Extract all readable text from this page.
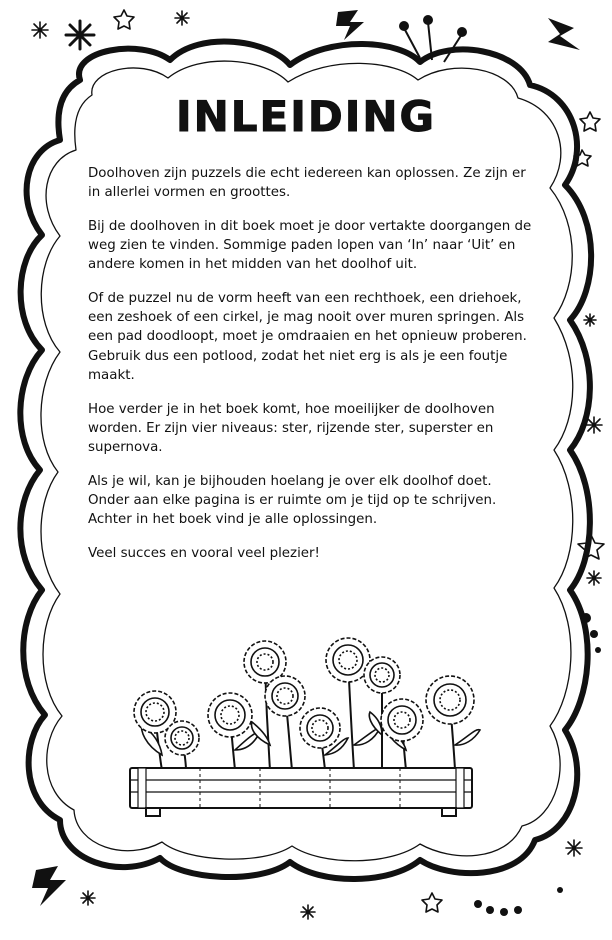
INLEIDING

Doolhoven zijn puzzels die echt iedereen kan oplossen. Ze zijn er in allerlei vormen en groottes.

Bij de doolhoven in dit boek moet je door vertakte doorgangen de weg zien te vinden. Sommige paden lopen van ‘In’ naar ‘Uit’ en andere komen in het midden van het doolhof uit.

Of de puzzel nu de vorm heeft van een rechthoek, een driehoek, een zeshoek of een cirkel, je mag nooit over muren springen. Als een pad doodloopt, moet je omdraaien en het opnieuw proberen. Gebruik dus een potlood, zodat het niet erg is als je een foutje maakt.

Hoe verder je in het boek komt, hoe moeilijker de doolhoven worden. Er zijn vier niveaus: ster, rijzende ster, superster en supernova.

Als je wil, kan je bijhouden hoelang je over elk doolhof doet. Onder aan elke pagina is er ruimte om je tijd op te schrijven. Achter in het boek vind je alle oplossingen.

Veel succes en vooral veel plezier!
